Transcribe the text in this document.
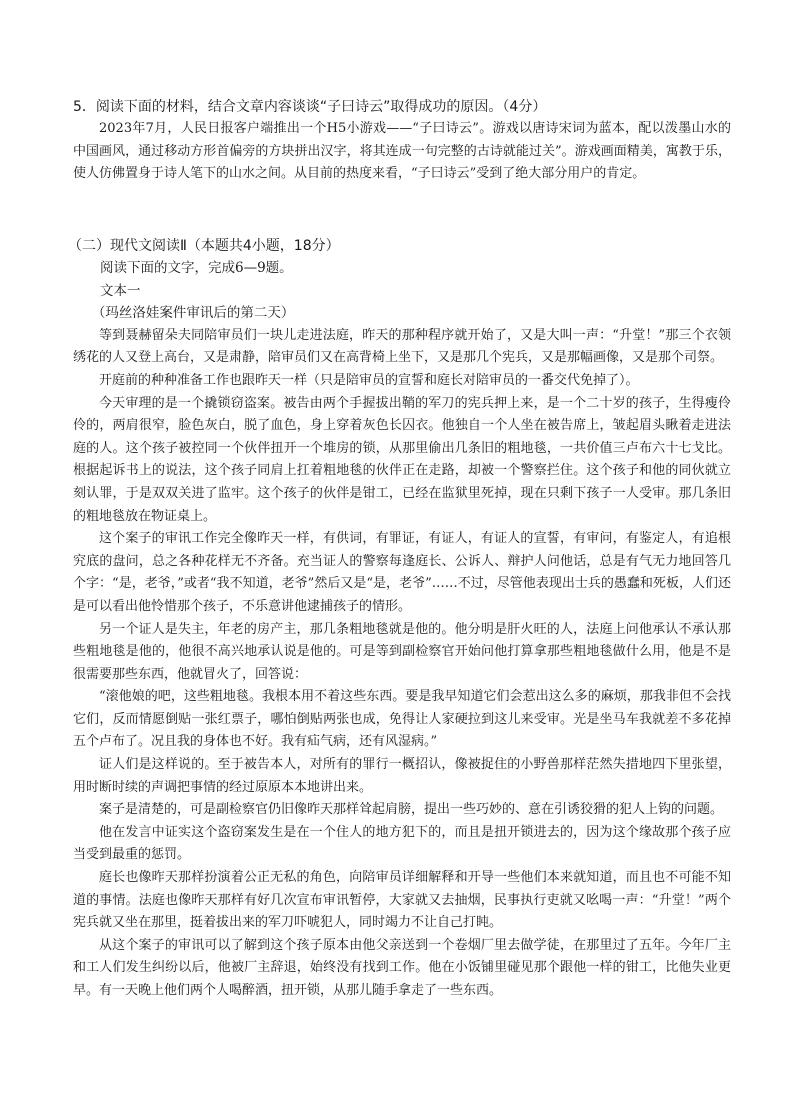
5．阅读下面的材料，结合文章内容谈谈“子曰诗云”取得成功的原因。（4分）

2023年7月，人民日报客户端推出一个H5小游戏——“子曰诗云”。游戏以唐诗宋词为蓝本，配以泼墨山水的中国画风，通过移动方形首偏旁的方块拼出汉字，将其连成一句完整的古诗就能过关”。游戏画面精美，寓教于乐，使人仿佛置身于诗人笔下的山水之间。从目前的热度来看，“子曰诗云”受到了绝大部分用户的肯定。

（二）现代文阅读Ⅱ（本题共4小题，18分）

阅读下面的文字，完成6—9题。

文本一

（玛丝洛娃案件审讯后的第二天）

等到聂赫留朵夫同陪审员们一块儿走进法庭，昨天的那种程序就开始了，又是大叫一声：“升堂！”那三个衣领绣花的人又登上高台，又是肃静，陪审员们又在高背椅上坐下，又是那几个宪兵，又是那幅画像，又是那个司祭。

开庭前的种种准备工作也跟昨天一样（只是陪审员的宣誓和庭长对陪审员的一番交代免掉了）。

今天审理的是一个撬锁窃盗案。被告由两个手握拔出鞘的军刀的宪兵押上来，是一个二十岁的孩子，生得瘦伶伶的，两肩很窄，脸色灰白，脱了血色，身上穿着灰色长囚衣。他独自一个人坐在被告席上，皱起眉头瞅着走进法庭的人。这个孩子被控同一个伙伴扭开一个堆房的锁，从那里偷出几条旧的粗地毯，一共价值三卢布六十七戈比。根据起诉书上的说法，这个孩子同肩上扛着粗地毯的伙伴正在走路，却被一个警察拦住。这个孩子和他的同伙就立刻认罪，于是双双关进了监牢。这个孩子的伙伴是钳工，已经在监狱里死掉，现在只剩下孩子一人受审。那几条旧的粗地毯放在物证桌上。

这个案子的审讯工作完全像昨天一样，有供词，有罪证，有证人，有证人的宣誓，有审问，有鉴定人，有追根究底的盘问，总之各种花样无不齐备。充当证人的警察每逢庭长、公诉人、辩护人问他话，总是有气无力地回答几个字：“是，老爷，”或者“我不知道，老爷”然后又是“是，老爷”……不过，尽管他表现出士兵的愚蠢和死板，人们还是可以看出他怜惜那个孩子，不乐意讲他逮捕孩子的情形。

另一个证人是失主，年老的房产主，那几条粗地毯就是他的。他分明是肝火旺的人，法庭上问他承认不承认那些粗地毯是他的，他很不高兴地承认说是他的。可是等到副检察官开始问他打算拿那些粗地毯做什么用，他是不是很需要那些东西，他就冒火了，回答说：

“滚他娘的吧，这些粗地毯。我根本用不着这些东西。要是我早知道它们会惹出这么多的麻烦，那我非但不会找它们，反而情愿倒贴一张红票子，哪怕倒贴两张也成，免得让人家硬拉到这儿来受审。光是坐马车我就差不多花掉五个卢布了。况且我的身体也不好。我有疝气病，还有风湿病。”

证人们是这样说的。至于被告本人，对所有的罪行一概招认，像被捉住的小野兽那样茫然失措地四下里张望，用时断时续的声调把事情的经过原原本本地讲出来。

案子是清楚的，可是副检察官仍旧像昨天那样耸起肩膀，提出一些巧妙的、意在引诱狡猾的犯人上钩的问题。

他在发言中证实这个盗窃案发生是在一个住人的地方犯下的，而且是扭开锁进去的，因为这个缘故那个孩子应当受到最重的惩罚。

庭长也像昨天那样扮演着公正无私的角色，向陪审员详细解释和开导一些他们本来就知道，而且也不可能不知道的事情。法庭也像昨天那样有好几次宣布审讯暂停，大家就又去抽烟，民事执行吏就又吆喝一声：“升堂！”两个宪兵就又坐在那里，挺着拔出来的军刀吓唬犯人，同时竭力不让自己打盹。

从这个案子的审讯可以了解到这个孩子原本由他父亲送到一个卷烟厂里去做学徒，在那里过了五年。今年厂主和工人们发生纠纷以后，他被厂主辞退，始终没有找到工作。他在小饭铺里碰见那个跟他一样的钳工，比他失业更早。有一天晚上他们两个人喝醉酒，扭开锁，从那儿随手拿走了一些东西。
